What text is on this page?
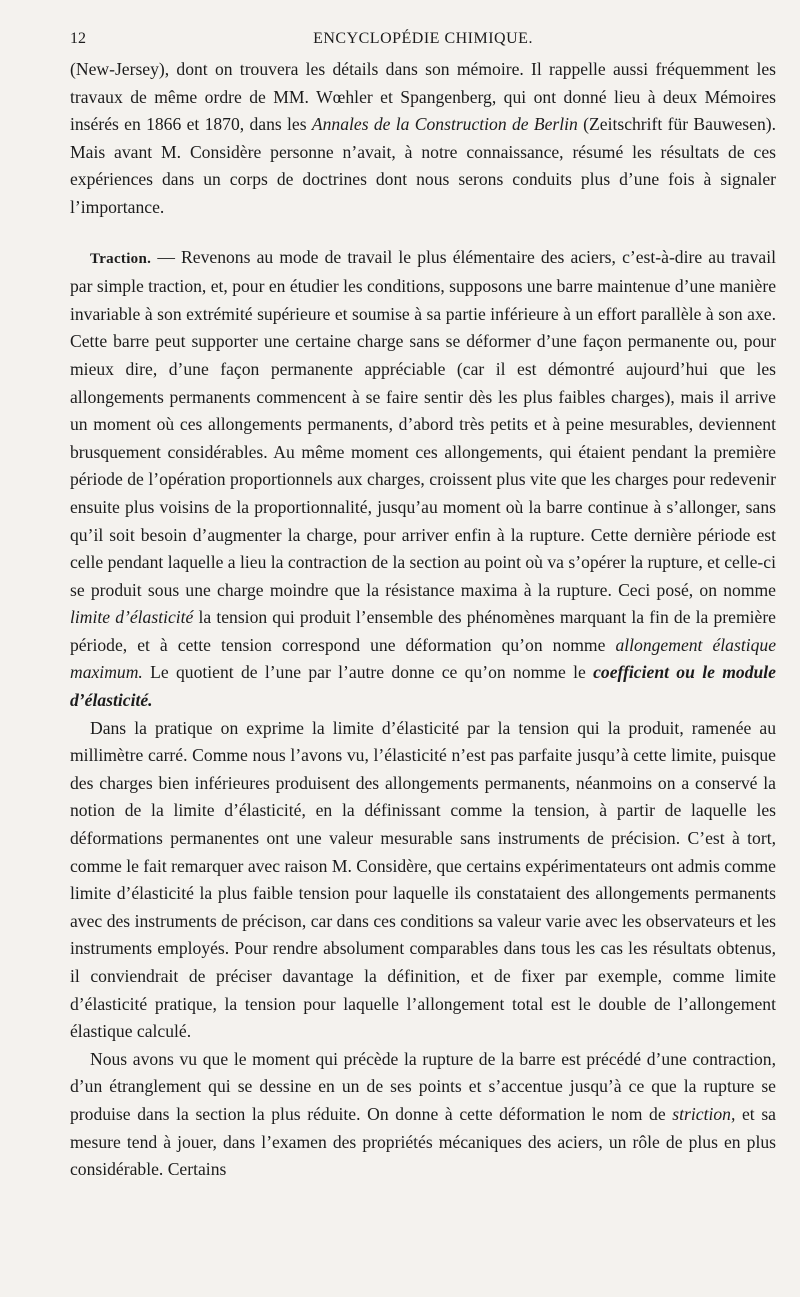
12	ENCYCLOPÉDIE CHIMIQUE.

(New-Jersey), dont on trouvera les détails dans son mémoire. Il rappelle aussi fréquemment les travaux de même ordre de MM. Wœhler et Spangenberg, qui ont donné lieu à deux Mémoires insérés en 1866 et 1870, dans les Annales de la Construction de Berlin (Zeitschrift für Bauwesen). Mais avant M. Considère personne n’avait, à notre connaissance, résumé les résultats de ces expériences dans un corps de doctrines dont nous serons conduits plus d’une fois à signaler l’importance.

Traction. — Revenons au mode de travail le plus élémentaire des aciers, c’est-à-dire au travail par simple traction, et, pour en étudier les conditions, supposons une barre maintenue d’une manière invariable à son extrémité supérieure et soumise à sa partie inférieure à un effort parallèle à son axe. Cette barre peut supporter une certaine charge sans se déformer d’une façon permanente ou, pour mieux dire, d’une façon permanente appréciable (car il est démontré aujourd’hui que les allongements permanents commencent à se faire sentir dès les plus faibles charges), mais il arrive un moment où ces allongements permanents, d’abord très petits et à peine mesurables, deviennent brusquement considérables. Au même moment ces allongements, qui étaient pendant la première période de l’opération proportionnels aux charges, croissent plus vite que les charges pour redevenir ensuite plus voisins de la proportionnalité, jusqu’au moment où la barre continue à s’allonger, sans qu’il soit besoin d’augmenter la charge, pour arriver enfin à la rupture. Cette dernière période est celle pendant laquelle a lieu la contraction de la section au point où va s’opérer la rupture, et celle-ci se produit sous une charge moindre que la résistance maxima à la rupture. Ceci posé, on nomme limite d’élasticité la tension qui produit l’ensemble des phénomènes marquant la fin de la première période, et à cette tension correspond une déformation qu’on nomme allongement élastique maximum. Le quotient de l’une par l’autre donne ce qu’on nomme le coefficient ou le module d’élasticité.

Dans la pratique on exprime la limite d’élasticité par la tension qui la produit, ramenée au millimètre carré. Comme nous l’avons vu, l’élasticité n’est pas parfaite jusqu’à cette limite, puisque des charges bien inférieures produisent des allongements permanents, néanmoins on a conservé la notion de la limite d’élasticité, en la définissant comme la tension, à partir de laquelle les déformations permanentes ont une valeur mesurable sans instruments de précision. C’est à tort, comme le fait remarquer avec raison M. Considère, que certains expérimentateurs ont admis comme limite d’élasticité la plus faible tension pour laquelle ils constataient des allongements permanents avec des instruments de précison, car dans ces conditions sa valeur varie avec les observateurs et les instruments employés. Pour rendre absolument comparables dans tous les cas les résultats obtenus, il conviendrait de préciser davantage la définition, et de fixer par exemple, comme limite d’élasticité pratique, la tension pour laquelle l’allongement total est le double de l’allongement élastique calculé.

Nous avons vu que le moment qui précède la rupture de la barre est précédé d’une contraction, d’un étranglement qui se dessine en un de ses points et s’accentue jusqu’à ce que la rupture se produise dans la section la plus réduite. On donne à cette déformation le nom de striction, et sa mesure tend à jouer, dans l’examen des propriétés mécaniques des aciers, un rôle de plus en plus considérable. Certains
